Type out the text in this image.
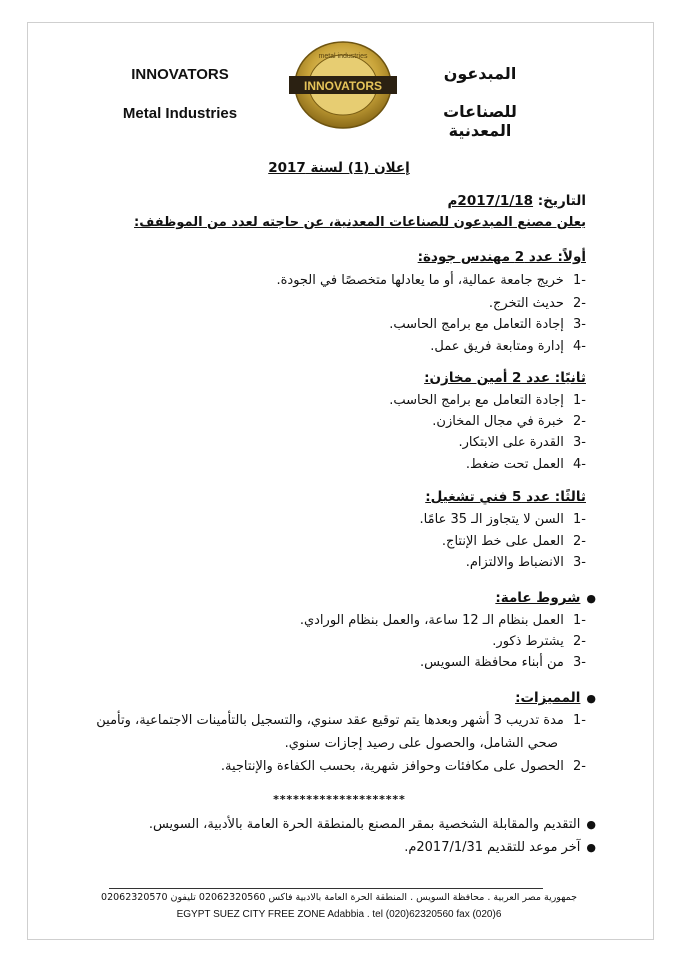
INNOVATORS
Metal Industries
المبدعون
للصناعات المعدنية
INNOVATORS
metal industries
إعلان (1) لسنة 2017
التاريخ: 2017/1/18م
يعلن مصنع المبدعون للصناعات المعدنية، عن حاجته لعدد من الموظفف:
أولاً: عدد 2 مهندس جودة:
-1 خريج جامعة عمالية، أو ما يعادلها متخصصًا في الجودة.
-2 حديث التخرج.
-3 إجادة التعامل مع برامج الحاسب.
-4 إدارة ومتابعة فريق عمل.
ثانيًا: عدد 2 أمين مخازن:
-1 إجادة التعامل مع برامج الحاسب.
-2 خبرة في مجال المخازن.
-3 القدرة على الابتكار.
-4 العمل تحت ضغط.
ثالثًا: عدد 5 فني تشغيل:
-1 السن لا يتجاوز الـ 35 عامًا.
-2 العمل على خط الإنتاج.
-3 الانضباط والالتزام.
●شروط عامة:
-1 العمل بنظام الـ 12 ساعة، والعمل بنظام الورادي.
-2 يشترط ذكور.
-3 من أبناء محافظة السويس.
●المميزات:
-1 مدة تدريب 3 أشهر وبعدها يتم توقيع عقد سنوي، والتسجيل بالتأمينات الاجتماعية، وتأمين
صحي الشامل، والحصول على رصيد إجازات سنوي.
-2 الحصول على مكافئات وحوافز شهرية، بحسب الكفاءة والإنتاجية.
********************
●التقديم والمقابلة الشخصية بمقر المصنع بالمنطقة الحرة العامة بالأدبية، السويس.
●آخر موعد للتقديم 2017/1/31م.
جمهورية مصر العربية . محافظة السويس . المنطقة الحرة العامة بالادبية فاكس 02062320560 تليفون 02062320570
EGYPT SUEZ CITY FREE ZONE Adabbia . tel (020)62320560 fax (020)6
